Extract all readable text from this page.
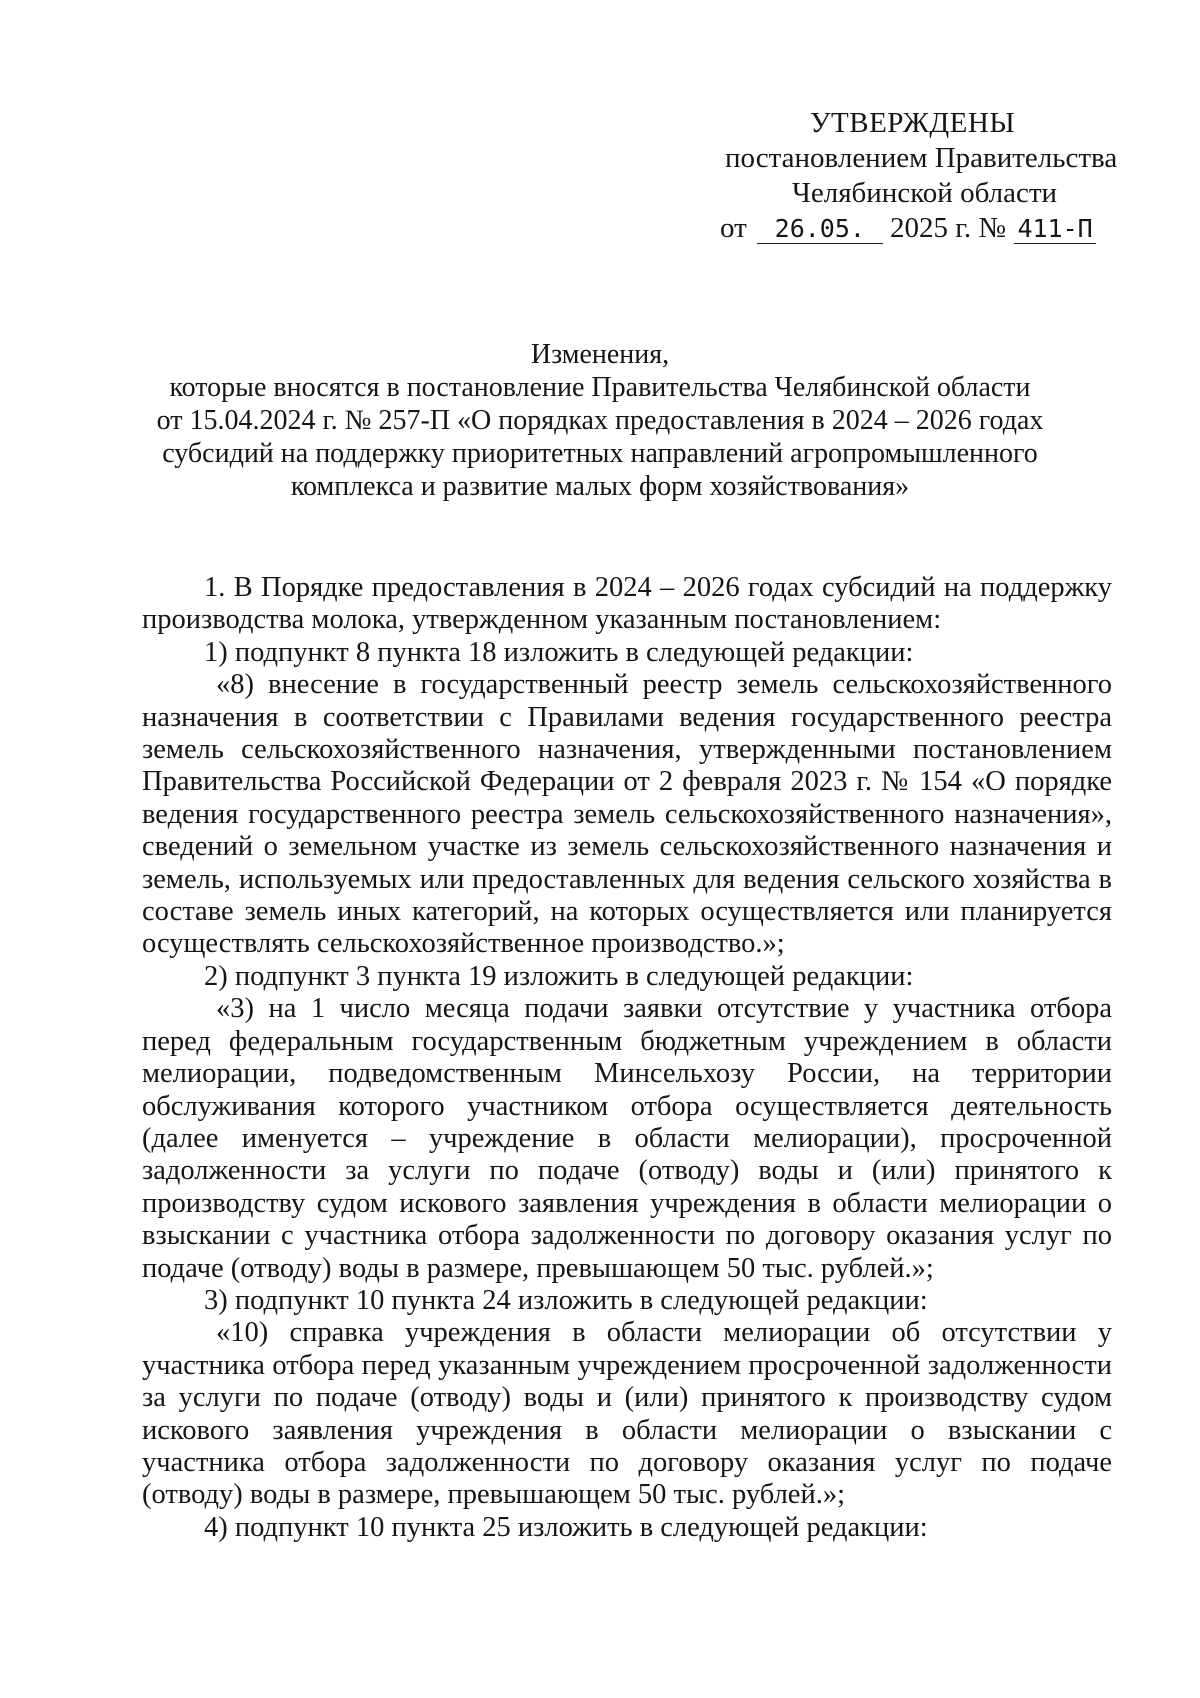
УТВЕРЖДЕНЫ
постановлением Правительства
Челябинской области
от 26.05. 2025 г. № 411-П
Изменения,
которые вносятся в постановление Правительства Челябинской области
от 15.04.2024 г. № 257-П «О порядках предоставления в 2024 – 2026 годах
субсидий на поддержку приоритетных направлений агропромышленного
комплекса и развитие малых форм хозяйствования»

1. В Порядке предоставления в 2024 – 2026 годах субсидий на поддержку производства молока, утвержденном указанным постановлением:

1) подпункт 8 пункта 18 изложить в следующей редакции:

«8) внесение в государственный реестр земель сельскохозяйственного назначения в соответствии с Правилами ведения государственного реестра земель сельскохозяйственного назначения, утвержденными постановлением Правительства Российской Федерации от 2 февраля 2023 г. № 154 «О порядке ведения государственного реестра земель сельскохозяйственного назначения», сведений о земельном участке из земель сельскохозяйственного назначения и земель, используемых или предоставленных для ведения сельского хозяйства в составе земель иных категорий, на которых осуществляется или планируется осуществлять сельскохозяйственное производство.»;

2) подпункт 3 пункта 19 изложить в следующей редакции:

«3) на 1 число месяца подачи заявки отсутствие у участника отбора перед федеральным государственным бюджетным учреждением в области мелиорации, подведомственным Минсельхозу России, на территории обслуживания которого участником отбора осуществляется деятельность (далее именуется – учреждение в области мелиорации), просроченной задолженности за услуги по подаче (отводу) воды и (или) принятого к производству судом искового заявления учреждения в области мелиорации о взыскании с участника отбора задолженности по договору оказания услуг по подаче (отводу) воды в размере, превышающем 50 тыс. рублей.»;

3) подпункт 10 пункта 24 изложить в следующей редакции:

«10) справка учреждения в области мелиорации об отсутствии у участника отбора перед указанным учреждением просроченной задолженности за услуги по подаче (отводу) воды и (или) принятого к производству судом искового заявления учреждения в области мелиорации о взыскании с участника отбора задолженности по договору оказания услуг по подаче (отводу) воды в размере, превышающем 50 тыс. рублей.»;

4) подпункт 10 пункта 25 изложить в следующей редакции:
